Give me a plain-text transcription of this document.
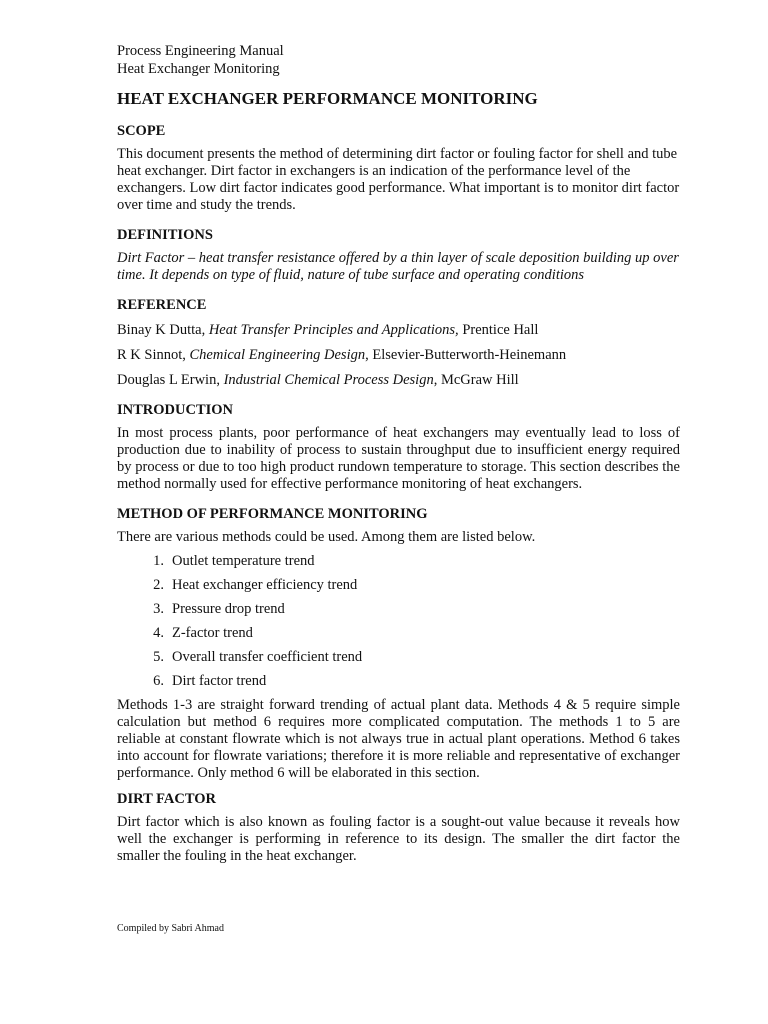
Process Engineering Manual
Heat Exchanger Monitoring
HEAT EXCHANGER PERFORMANCE MONITORING
SCOPE

This document presents the method of determining dirt factor or fouling factor for shell and tube heat exchanger. Dirt factor in exchangers is an indication of the performance level of the exchangers. Low dirt factor indicates good performance. What important is to monitor dirt factor over time and study the trends.

DEFINITIONS

Dirt Factor – heat transfer resistance offered by a thin layer of scale deposition building up over time. It depends on type of fluid, nature of tube surface and operating conditions

REFERENCE
Binay K Dutta, Heat Transfer Principles and Applications, Prentice Hall
R K Sinnot, Chemical Engineering Design, Elsevier-Butterworth-Heinemann
Douglas L Erwin, Industrial Chemical Process Design, McGraw Hill
INTRODUCTION

In most process plants, poor performance of heat exchangers may eventually lead to loss of production due to inability of process to sustain throughput due to insufficient energy required by process or due to too high product rundown temperature to storage. This section describes the method normally used for effective performance monitoring of heat exchangers.

METHOD OF PERFORMANCE MONITORING

There are various methods could be used. Among them are listed below.

1. Outlet temperature trend
2. Heat exchanger efficiency trend
3. Pressure drop trend
4. Z-factor trend
5. Overall transfer coefficient trend
6. Dirt factor trend

Methods 1-3 are straight forward trending of actual plant data. Methods 4 & 5 require simple calculation but method 6 requires more complicated computation. The methods 1 to 5 are reliable at constant flowrate which is not always true in actual plant operations. Method 6 takes into account for flowrate variations; therefore it is more reliable and representative of exchanger performance. Only method 6 will be elaborated in this section.

DIRT FACTOR

Dirt factor which is also known as fouling factor is a sought-out value because it reveals how well the exchanger is performing in reference to its design. The smaller the dirt factor the smaller the fouling in the heat exchanger.

Compiled by Sabri Ahmad
